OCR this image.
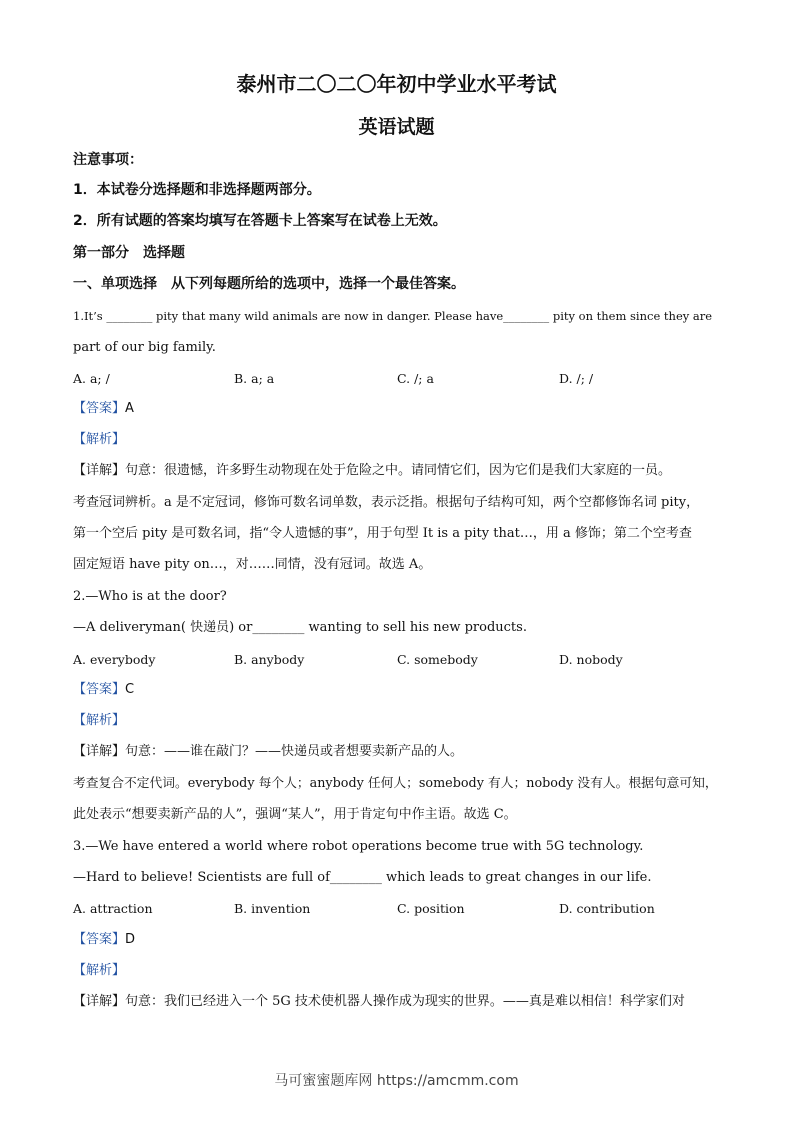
泰州市二〇二〇年初中学业水平考试
英语试题
注意事项：
1．本试卷分选择题和非选择题两部分。
2．所有试题的答案均填写在答题卡上答案写在试卷上无效。
第一部分　选择题
一、单项选择　从下列每题所给的选项中，选择一个最佳答案。
1.It’s ________ pity that many wild animals are now in danger. Please have________ pity on them since they are
part of our big family.
A. a; /	B. a; a	C. /; a	D. /; /
【答案】A
【解析】
【详解】句意：很遗憾，许多野生动物现在处于危险之中。请同情它们，因为它们是我们大家庭的一员。
考查冠词辨析。a 是不定冠词，修饰可数名词单数，表示泛指。根据句子结构可知，两个空都修饰名词 pity，
第一个空后 pity 是可数名词，指“令人遗憾的事”，用于句型 It is a pity that…，用 a 修饰；第二个空考查
固定短语 have pity on…，对……同情，没有冠词。故选 A。
2.—Who is at the door?
—A deliveryman( 快递员) or________ wanting to sell his new products.
A. everybody	B. anybody	C. somebody	D. nobody
【答案】C
【解析】
【详解】句意：——谁在敲门？——快递员或者想要卖新产品的人。
考查复合不定代词。everybody 每个人；anybody 任何人；somebody 有人；nobody 没有人。根据句意可知，
此处表示“想要卖新产品的人”，强调“某人”，用于肯定句中作主语。故选 C。
3.—We have entered a world where robot operations become true with 5G technology.
—Hard to believe! Scientists are full of________ which leads to great changes in our life.
A. attraction	B. invention	C. position	D. contribution
【答案】D
【解析】
【详解】句意：我们已经进入一个 5G 技术使机器人操作成为现实的世界。——真是难以相信！科学家们对
马可蜜蜜题库网 https://amcmm.com
